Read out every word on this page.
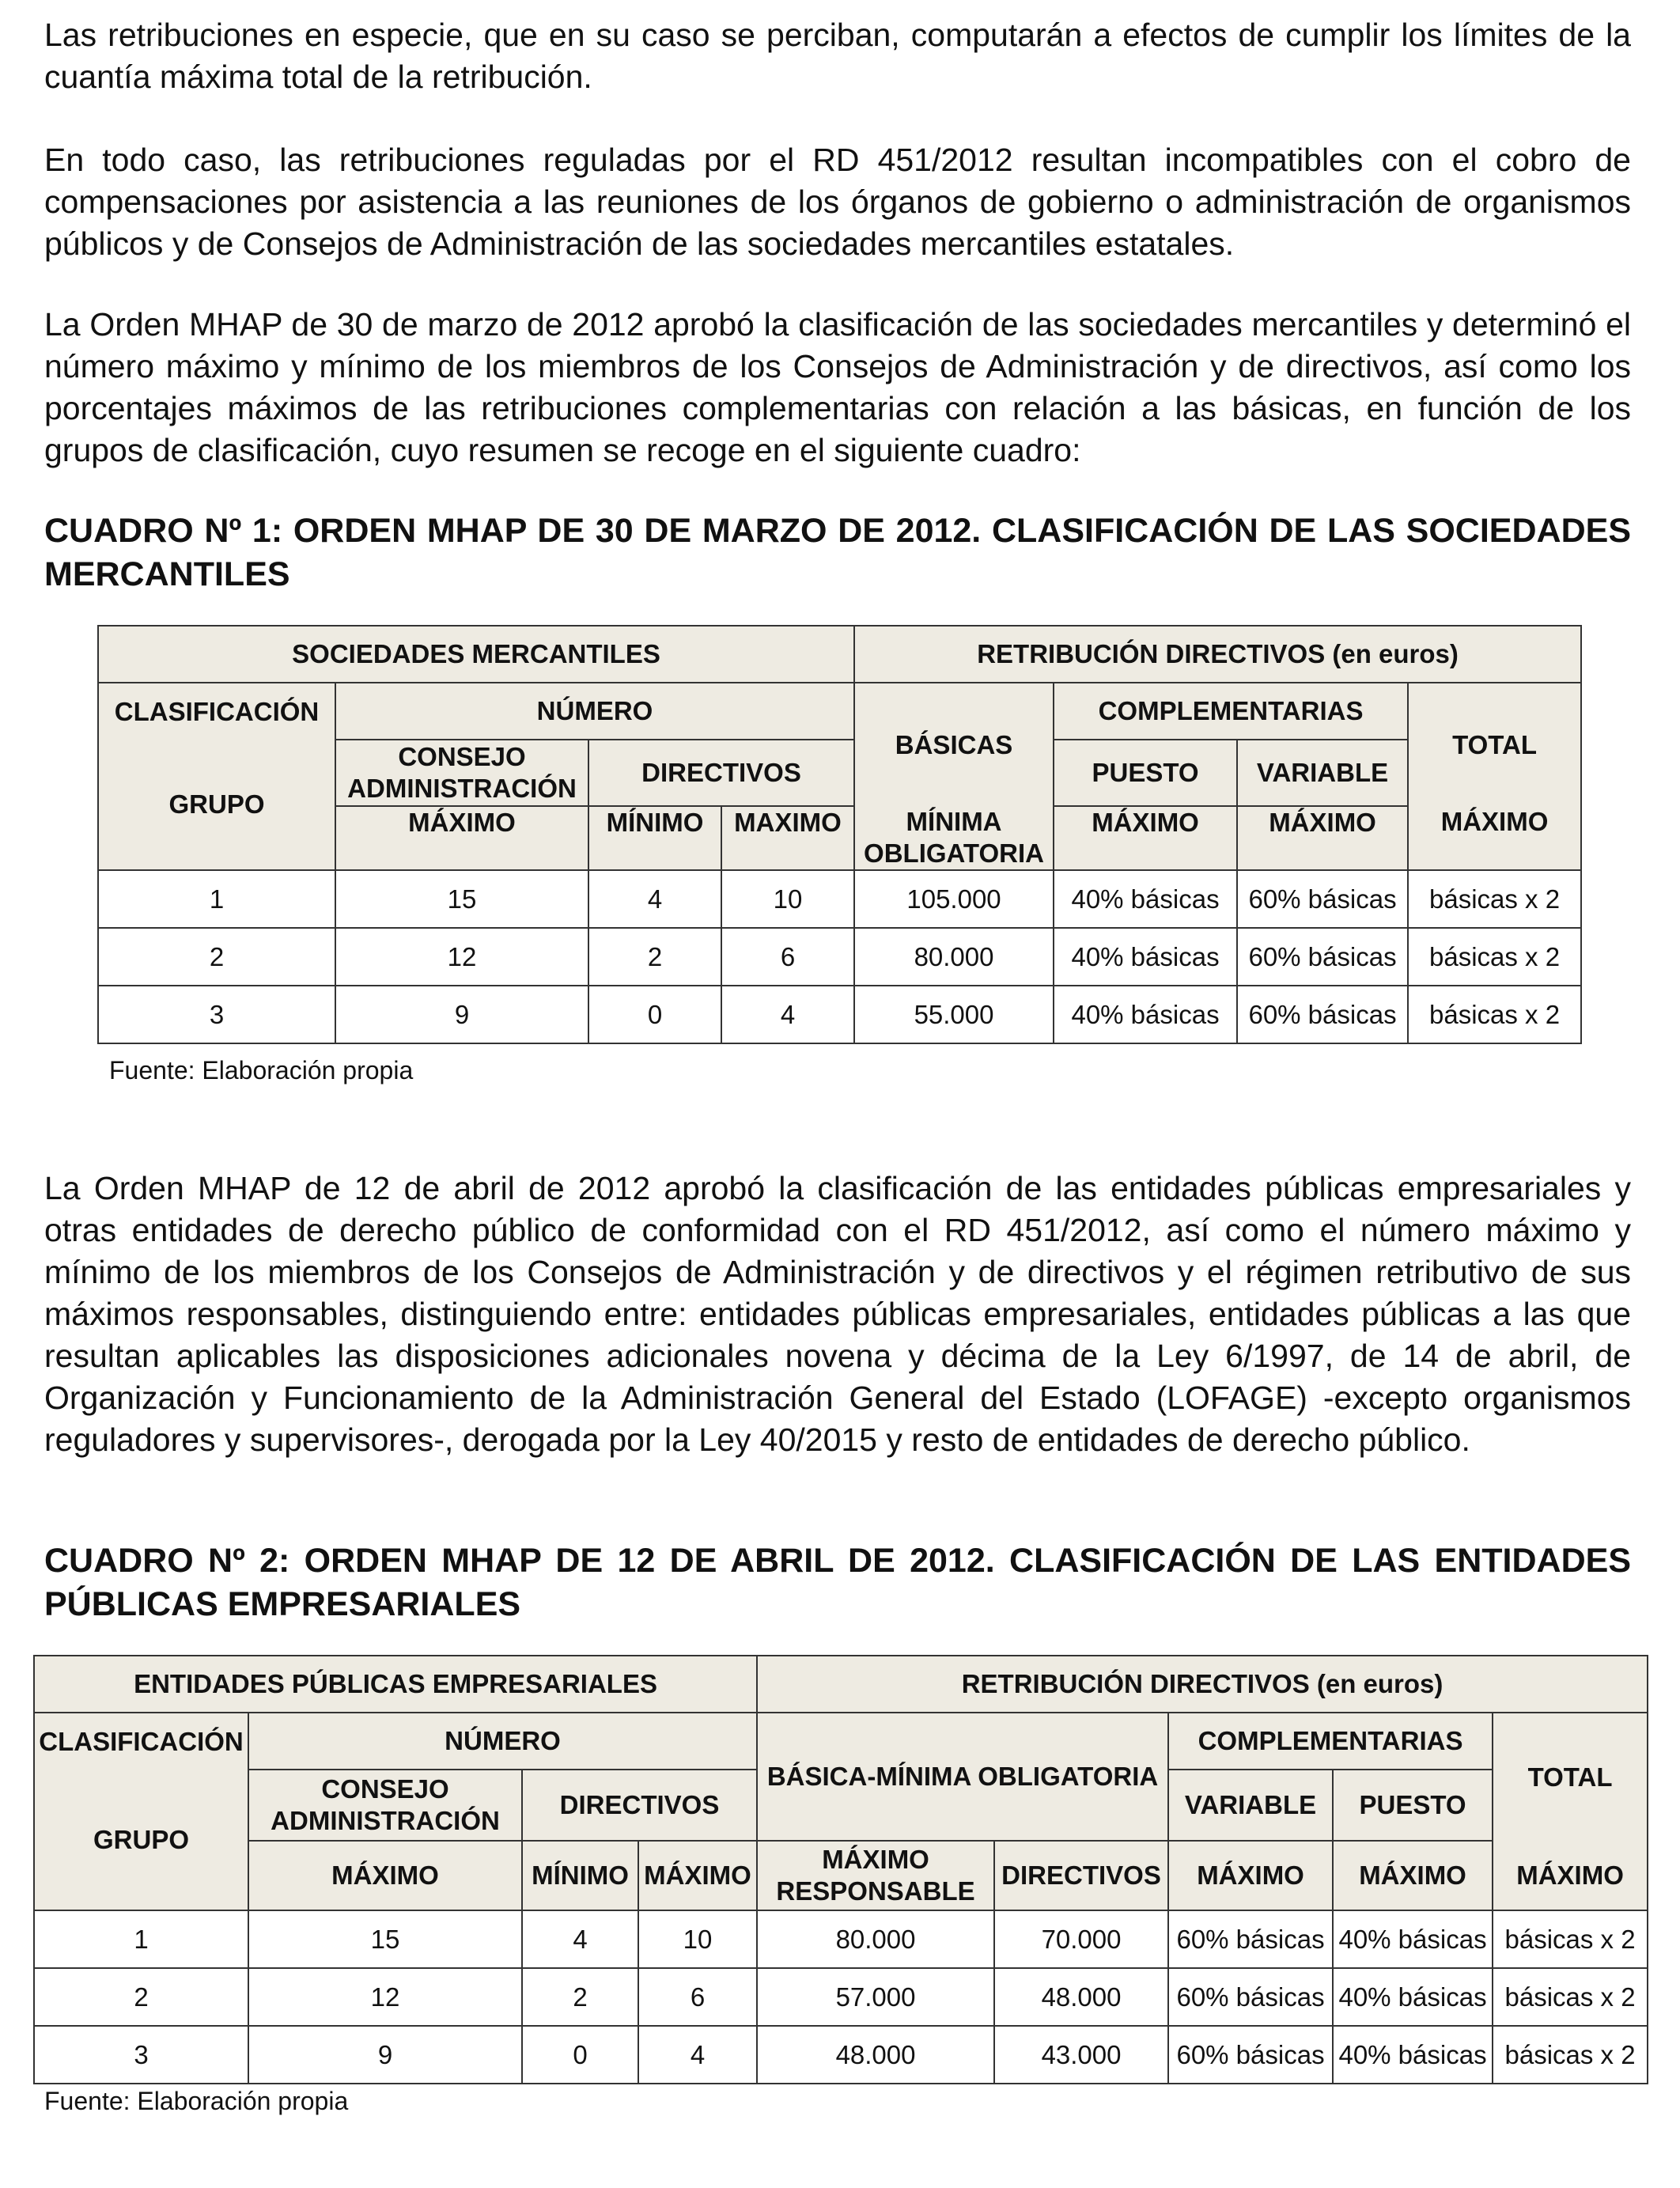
Las retribuciones en especie, que en su caso se perciban, computarán a efectos de cumplir los límites de la cuantía máxima total de la retribución.

En todo caso, las retribuciones reguladas por el RD 451/2012 resultan incompatibles con el cobro de compensaciones por asistencia a las reuniones de los órganos de gobierno o administración de organismos públicos y de Consejos de Administración de las sociedades mercantiles estatales.

La Orden MHAP de 30 de marzo de 2012 aprobó la clasificación de las sociedades mercantiles y determinó el número máximo y mínimo de los miembros de los Consejos de Administración y de directivos, así como los porcentajes máximos de las retribuciones complementarias con relación a las básicas, en función de los grupos de clasificación, cuyo resumen se recoge en el siguiente cuadro:

CUADRO Nº 1: ORDEN MHAP DE 30 DE MARZO DE 2012. CLASIFICACIÓN DE LAS SOCIEDADES MERCANTILES
SOCIEDADES MERCANTILES				RETRIBUCIÓN DIRECTIVOS (en euros)			
CLASIFICACIÓN	NÚMERO			BÁSICAS	COMPLEMENTARIAS		TOTAL
GRUPO	CONSEJO ADMINISTRACIÓN	DIRECTIVOS			PUESTO	VARIABLE	
	MÁXIMO	MÍNIMO	MAXIMO	MÍNIMA OBLIGATORIA	MÁXIMO	MÁXIMO	MÁXIMO
1	15	4	10	105.000	40% básicas	60% básicas	básicas x 2
2	12	2	6	80.000	40% básicas	60% básicas	básicas x 2
3	9	0	4	55.000	40% básicas	60% básicas	básicas x 2

Fuente: Elaboración propia

La Orden MHAP de 12 de abril de 2012 aprobó la clasificación de las entidades públicas empresariales y otras entidades de derecho público de conformidad con el RD 451/2012, así como el número máximo y mínimo de los miembros de los Consejos de Administración y de directivos y el régimen retributivo de sus máximos responsables, distinguiendo entre: entidades públicas empresariales, entidades públicas a las que resultan aplicables las disposiciones adicionales novena y décima de la Ley 6/1997, de 14 de abril, de Organización y Funcionamiento de la Administración General del Estado (LOFAGE) -excepto organismos reguladores y supervisores-, derogada por la Ley 40/2015 y resto de entidades de derecho público.

CUADRO Nº 2: ORDEN MHAP DE 12 DE ABRIL DE 2012. CLASIFICACIÓN DE LAS ENTIDADES PÚBLICAS EMPRESARIALES
ENTIDADES PÚBLICAS EMPRESARIALES				RETRIBUCIÓN DIRECTIVOS (en euros)				
CLASIFICACIÓN	NÚMERO			BÁSICA-MÍNIMA OBLIGATORIA		COMPLEMENTARIAS		TOTAL
GRUPO	CONSEJO ADMINISTRACIÓN	DIRECTIVOS				VARIABLE	PUESTO	
	MÁXIMO	MÍNIMO	MÁXIMO	MÁXIMO RESPONSABLE	DIRECTIVOS	MÁXIMO	MÁXIMO	MÁXIMO
1	15	4	10	80.000	70.000	60% básicas	40% básicas	básicas x 2
2	12	2	6	57.000	48.000	60% básicas	40% básicas	básicas x 2
3	9	0	4	48.000	43.000	60% básicas	40% básicas	básicas x 2

Fuente: Elaboración propia
